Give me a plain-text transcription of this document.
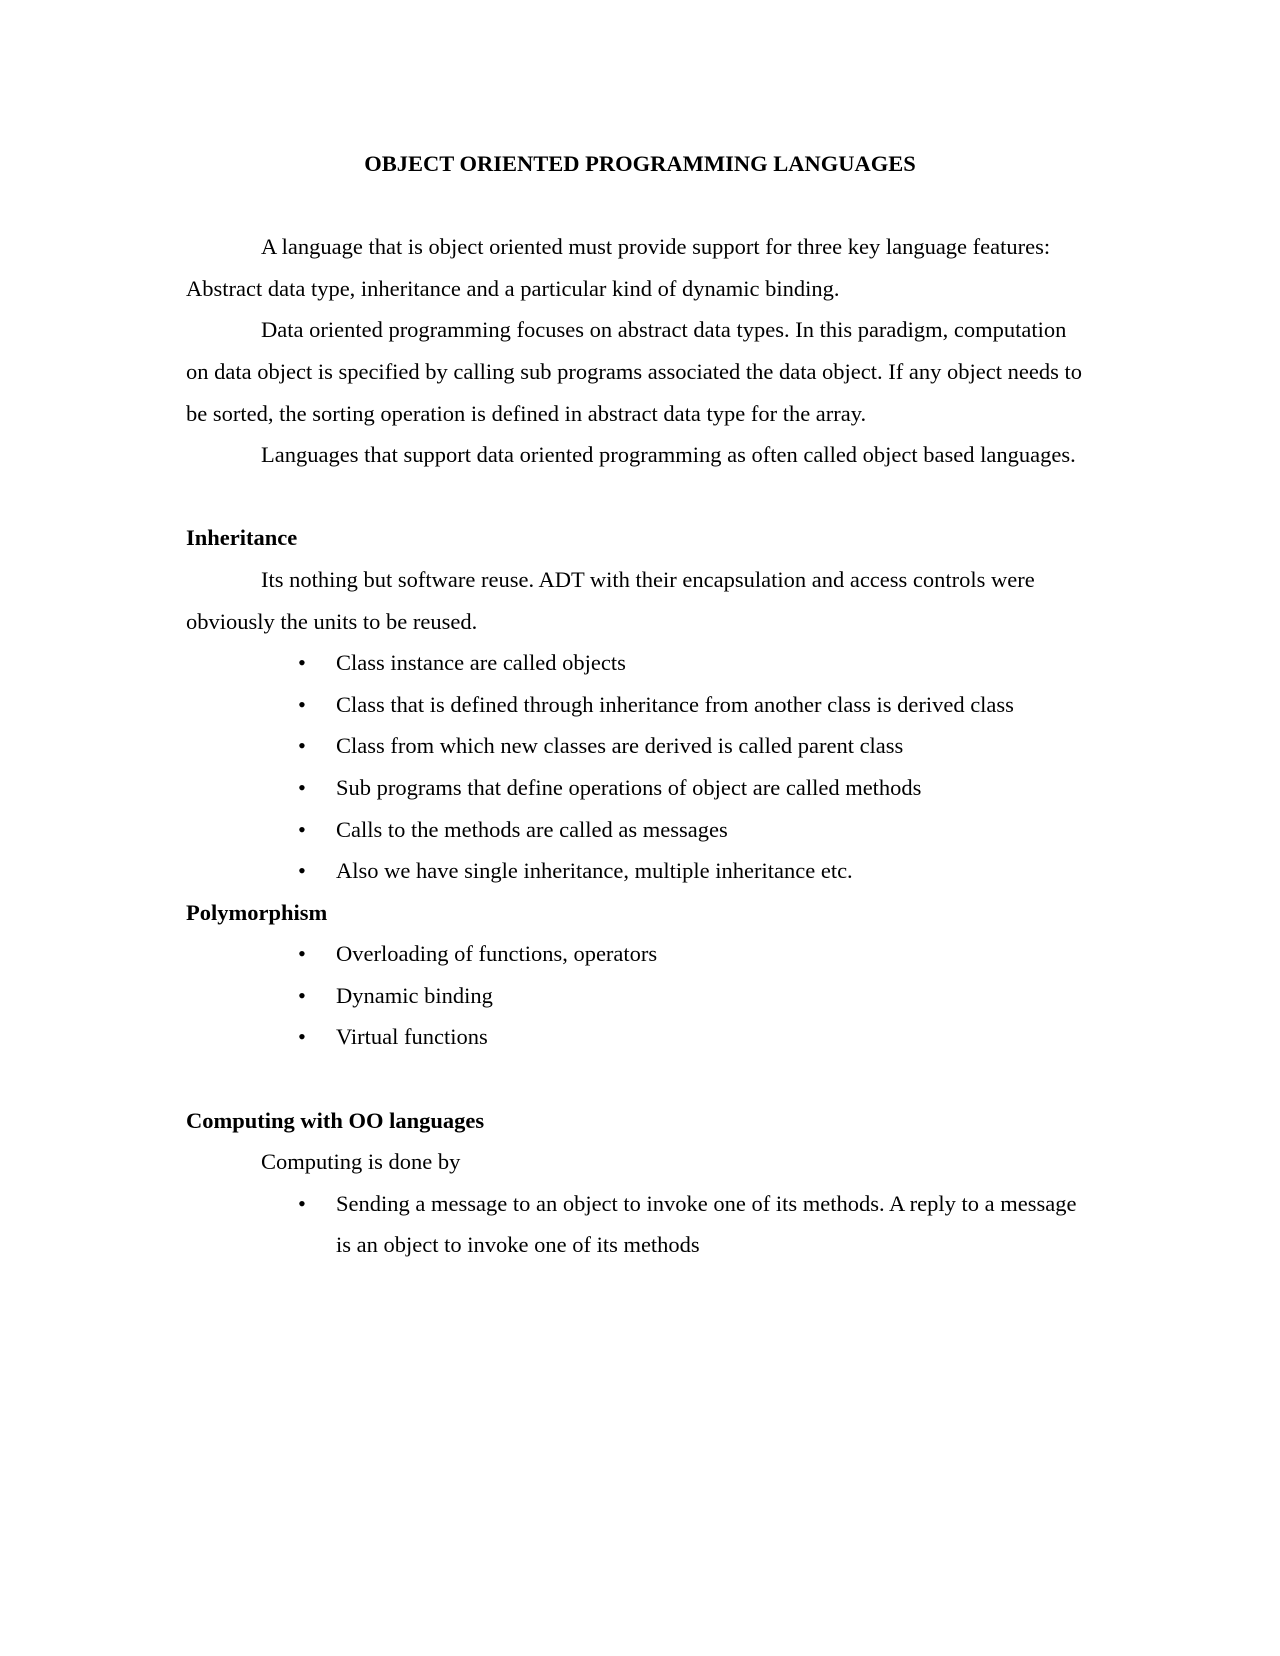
OBJECT ORIENTED PROGRAMMING LANGUAGES

A language that is object oriented must provide support for three key language features: Abstract data type, inheritance and a particular kind of dynamic binding.

Data oriented programming focuses on abstract data types. In this paradigm, computation on data object is specified by calling sub programs associated the data object. If any object needs to be sorted, the sorting operation is defined in abstract data type for the array.

Languages that support data oriented programming as often called object based languages.

Inheritance

Its nothing but software reuse. ADT with their encapsulation and access controls were obviously the units to be reused.

• Class instance are called objects
• Class that is defined through inheritance from another class is derived class
• Class from which new classes are derived is called parent class
• Sub programs that define operations of object are called methods
• Calls to the methods are called as messages
• Also we have single inheritance, multiple inheritance etc.

Polymorphism

• Overloading of functions, operators
• Dynamic binding
• Virtual functions

Computing with OO languages

Computing is done by

• Sending a message to an object to invoke one of its methods. A reply to a message is an object to invoke one of its methods
